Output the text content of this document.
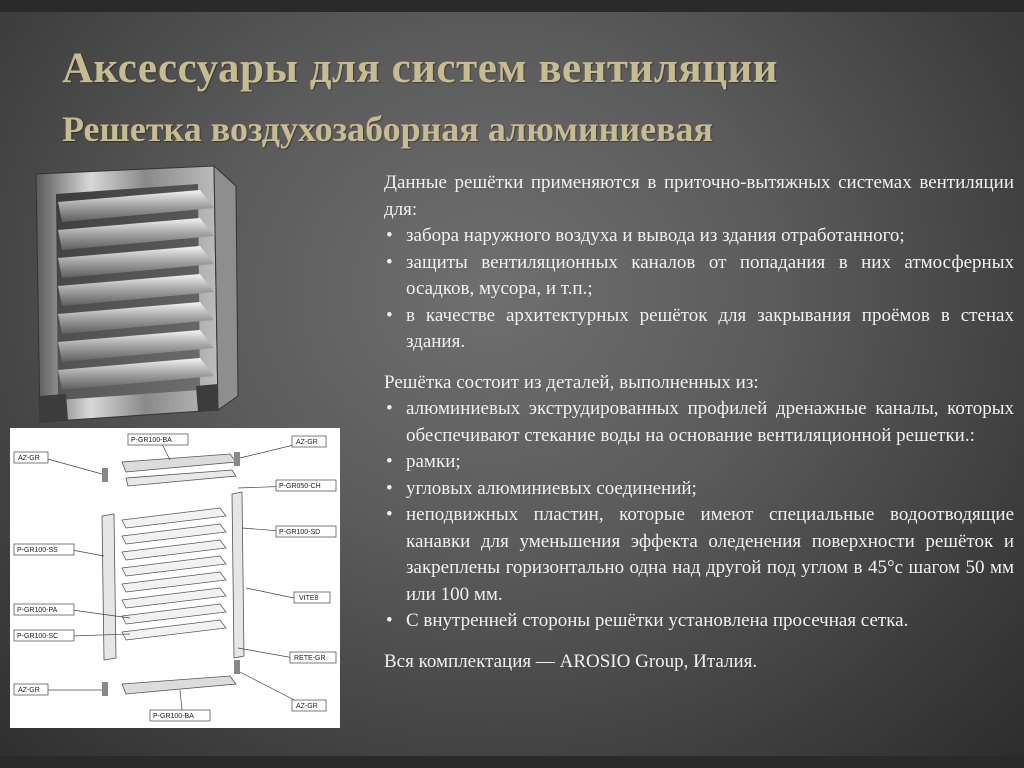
Аксессуары для систем вентиляции
Решетка воздухозаборная алюминиевая
P-GR100-BA
AZ-GR
AZ-GR
P-GR050-CH
P-GR100-SD
P-GR100-SS
VITE8
P-GR100-PA
P-GR100-SC
RETE-GR
AZ-GR
AZ-GR
P-GR100-BA

Данные решётки применяются в приточно-вытяжных системах вентиляции для:

• забора наружного воздуха и вывода из здания отработанного;
• защиты вентиляционных каналов от попадания в них атмосферных осадков, мусора, и т.п.;
• в качестве архитектурных решёток для закрывания проёмов в стенах здания.

Решётка состоит из деталей, выполненных из:

• алюминиевых экструдированных профилей дренажные каналы, которых обеспечивают стекание воды на основание вентиляционной решетки.:
• рамки;
• угловых алюминиевых соединений;
• неподвижных пластин, которые имеют специальные водоотводящие канавки для уменьшения эффекта оледенения поверхности решёток и закреплены горизонтально одна над другой под углом в 45°с шагом 50 мм или 100 мм.
• С внутренней стороны решётки установлена просечная сетка.

Вся комплектация — AROSIO Group, Италия.
